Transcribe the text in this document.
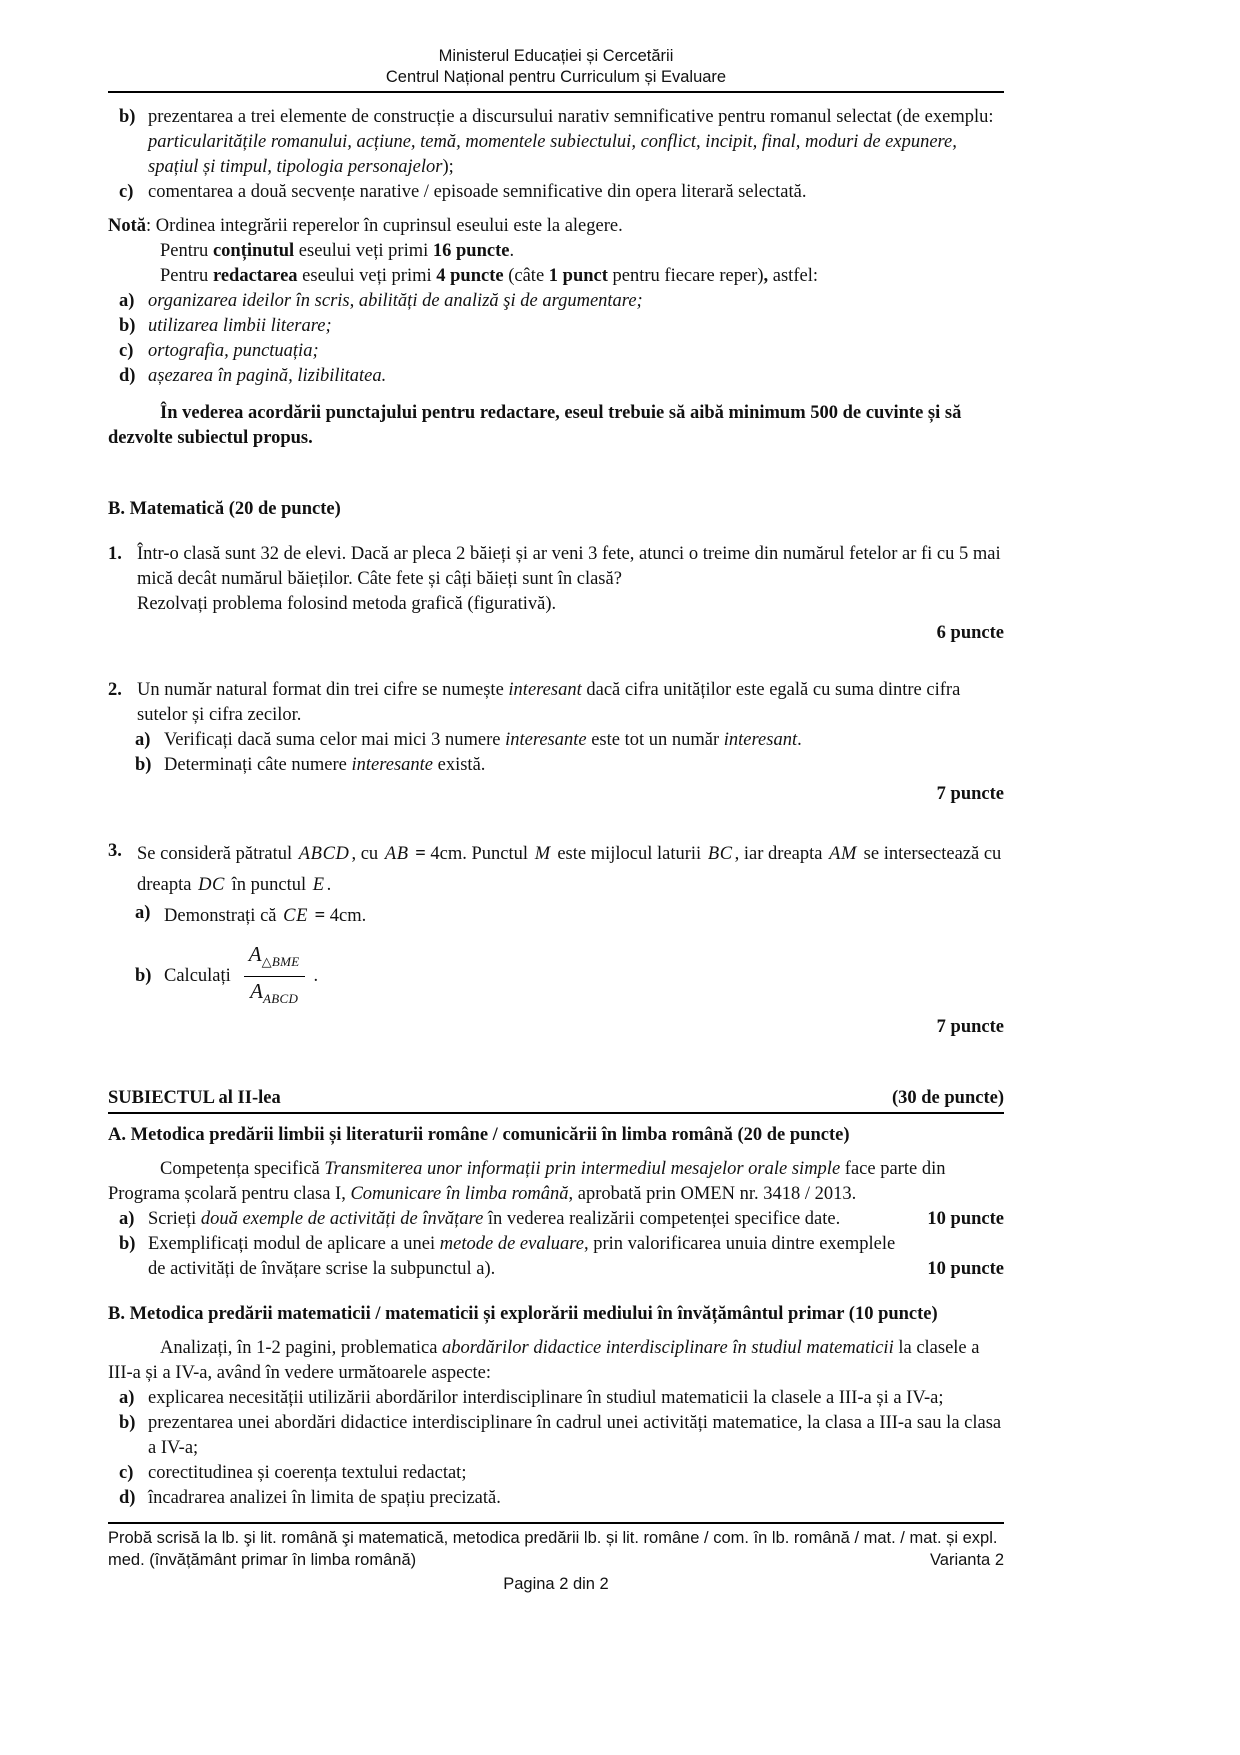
Ministerul Educației și Cercetării
Centrul Național pentru Curriculum și Evaluare
b) prezentarea a trei elemente de construcție a discursului narativ semnificative pentru romanul selectat (de exemplu: particularitățile romanului, acțiune, temă, momentele subiectului, conflict, incipit, final, moduri de expunere, spațiul și timpul, tipologia personajelor);
c) comentarea a două secvențe narative / episoade semnificative din opera literară selectată.
Notă: Ordinea integrării reperelor în cuprinsul eseului este la alegere.
Pentru conținutul eseului veți primi 16 puncte.
Pentru redactarea eseului veți primi 4 puncte (câte 1 punct pentru fiecare reper), astfel:
a) organizarea ideilor în scris, abilități de analiză şi de argumentare;
b) utilizarea limbii literare;
c) ortografia, punctuația;
d) așezarea în pagină, lizibilitatea.
În vederea acordării punctajului pentru redactare, eseul trebuie să aibă minimum 500 de cuvinte și să dezvolte subiectul propus.
B. Matematică (20 de puncte)
1. Într-o clasă sunt 32 de elevi. Dacă ar pleca 2 băieți și ar veni 3 fete, atunci o treime din numărul fetelor ar fi cu 5 mai mică decât numărul băieților. Câte fete și câți băieți sunt în clasă?
Rezolvați problema folosind metoda grafică (figurativă).
6 puncte
2. Un număr natural format din trei cifre se numește interesant dacă cifra unităților este egală cu suma dintre cifra sutelor și cifra zecilor.
a) Verificați dacă suma celor mai mici 3 numere interesante este tot un număr interesant.
b) Determinați câte numere interesante există.
7 puncte
3. Se consideră pătratul ABCD , cu AB = 4cm. Punctul M este mijlocul laturii BC , iar dreapta AM se intersectează cu dreapta DC în punctul E .
a) Demonstrați că CE = 4cm.
b) Calculați $\frac{A_{\triangle BME}}{A_{ABCD}}$ .
7 puncte
SUBIECTUL al II-lea	(30 de puncte)
A. Metodica predării limbii și literaturii române / comunicării în limba română (20 de puncte)
Competența specifică Transmiterea unor informații prin intermediul mesajelor orale simple face parte din Programa școlară pentru clasa I, Comunicare în limba română, aprobată prin OMEN nr. 3418 / 2013.
a) Scrieți două exemple de activități de învățare în vederea realizării competenței specifice date.	10 puncte
b) Exemplificați modul de aplicare a unei metode de evaluare, prin valorificarea unuia dintre exemplele de activități de învățare scrise la subpunctul a).	10 puncte
B. Metodica predării matematicii / matematicii și explorării mediului în învățământul primar (10 puncte)
Analizați, în 1-2 pagini, problematica abordărilor didactice interdisciplinare în studiul matematicii la clasele a III-a și a IV-a, având în vedere următoarele aspecte:
a) explicarea necesității utilizării abordărilor interdisciplinare în studiul matematicii la clasele a III-a și a IV-a;
b) prezentarea unei abordări didactice interdisciplinare în cadrul unei activități matematice, la clasa a III-a sau la clasa a IV-a;
c) corectitudinea și coerența textului redactat;
d) încadrarea analizei în limita de spațiu precizată.
Probă scrisă la lb. şi lit. română şi matematică, metodica predării lb. și lit. române / com. în lb. română / mat. / mat. și expl.
med. (învățământ primar în limba română)	Varianta 2
Pagina 2 din 2
